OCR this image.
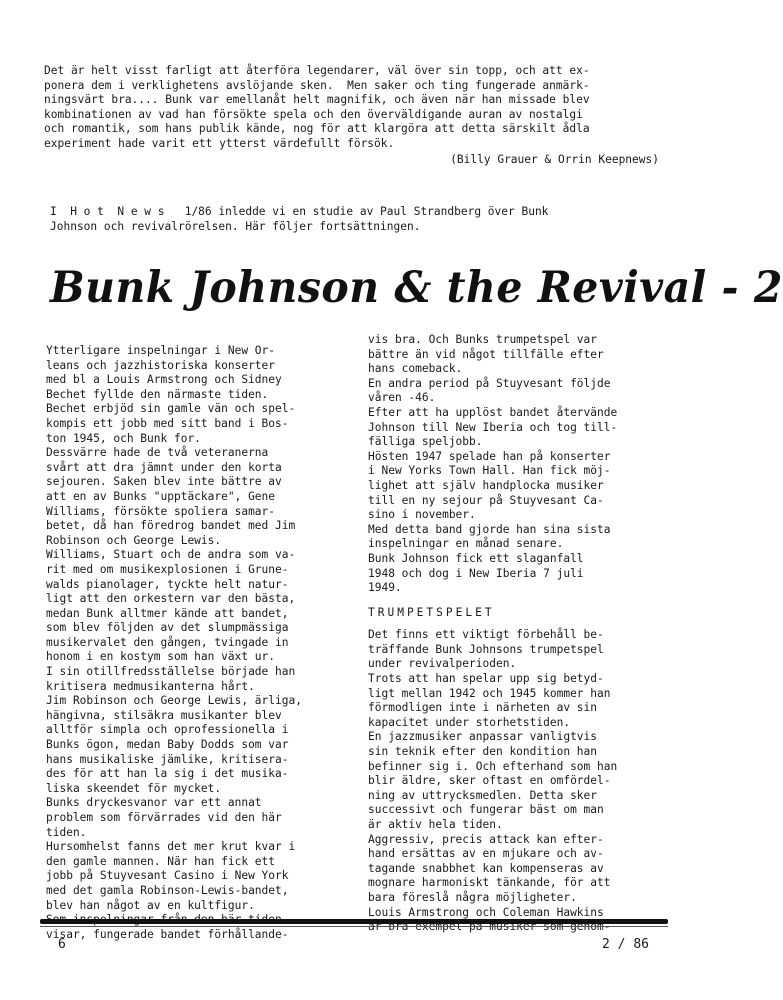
Det är helt visst farligt att återföra legendarer, väl över sin topp, och att ex-

ponera dem i verklighetens avslöjande sken.  Men saker och ting fungerade anmärk-

ningsvärt bra.... Bunk var emellanåt helt magnifik, och även när han missade blev

kombinationen av vad han försökte spela och den överväldigande auran av nostalgi

och romantik, som hans publik kände, nog för att klargöra att detta särskilt ådla

experiment hade varit ett ytterst värdefullt försök.

(Billy Grauer & Orrin Keepnews)

I  H o t  N e w s   1/86 inledde vi en studie av Paul Strandberg över Bunk

Johnson och revivalrörelsen. Här följer fortsättningen.

Bunk Johnson & the Revival - 2

Ytterligare inspelningar i New Or-

leans och jazzhistoriska konserter

med bl a Louis Armstrong och Sidney

Bechet fyllde den närmaste tiden.

Bechet erbjöd sin gamle vän och spel-

kompis ett jobb med sitt band i Bos-

ton 1945, och Bunk for.

Dessvärre hade de två veteranerna

svårt att dra jämnt under den korta

sejouren. Saken blev inte bättre av

att en av Bunks "upptäckare", Gene

Williams, försökte spoliera samar-

betet, då han föredrog bandet med Jim

Robinson och George Lewis.

Williams, Stuart och de andra som va-

rit med om musikexplosionen i Grune-

walds pianolager, tyckte helt natur-

ligt att den orkestern var den bästa,

medan Bunk alltmer kände att bandet,

som blev följden av det slumpmässiga

musikervalet den gången, tvingade in

honom i en kostym som han växt ur.

I sin otillfredsställelse började han

kritisera medmusikanterna hårt.

Jim Robinson och George Lewis, ärliga,

hängivna, stilsäkra musikanter blev

alltför simpla och oprofessionella i

Bunks ögon, medan Baby Dodds som var

hans musikaliske jämlike, kritisera-

des för att han la sig i det musika-

liska skeendet för mycket.

Bunks dryckesvanor var ett annat

problem som förvärrades vid den här

tiden.

Hursomhelst fanns det mer krut kvar i

den gamle mannen. När han fick ett

jobb på Stuyvesant Casino i New York

med det gamla Robinson-Lewis-bandet,

blev han något av en kultfigur.

visar, fungerade bandet förhållande-

vis bra. Och Bunks trumpetspel var

bättre än vid något tillfälle efter

hans comeback.

En andra period på Stuyvesant följde

våren -46.

Efter att ha upplöst bandet återvände

Johnson till New Iberia och tog till-

fälliga speljobb.

Hösten 1947 spelade han på konserter

i New Yorks Town Hall. Han fick möj-

lighet att själv handplocka musiker

till en ny sejour på Stuyvesant Ca-

sino i november.

Med detta band gjorde han sina sista

inspelningar en månad senare.

Bunk Johnson fick ett slaganfall

1948 och dog i New Iberia 7 juli

1949.

TRUMPETSPELET

Det finns ett viktigt förbehåll be-

träffande Bunk Johnsons trumpetspel

under revivalperioden.

Trots att han spelar upp sig betyd-

ligt mellan 1942 och 1945 kommer han

förmodligen inte i närheten av sin

kapacitet under storhetstiden.

En jazzmusiker anpassar vanligtvis

sin teknik efter den kondition han

befinner sig i. Och efterhand som han

blir äldre, sker oftast en omfördel-

ning av uttrycksmedlen. Detta sker

successivt och fungerar bäst om man

är aktiv hela tiden.

Aggressiv, precis attack kan efter-

hand ersättas av en mjukare och av-

tagande snabbhet kan kompenseras av

mognare harmoniskt tänkande, för att

bara föreslå några möjligheter.

Louis Armstrong och Coleman Hawkins

6	2 / 86
